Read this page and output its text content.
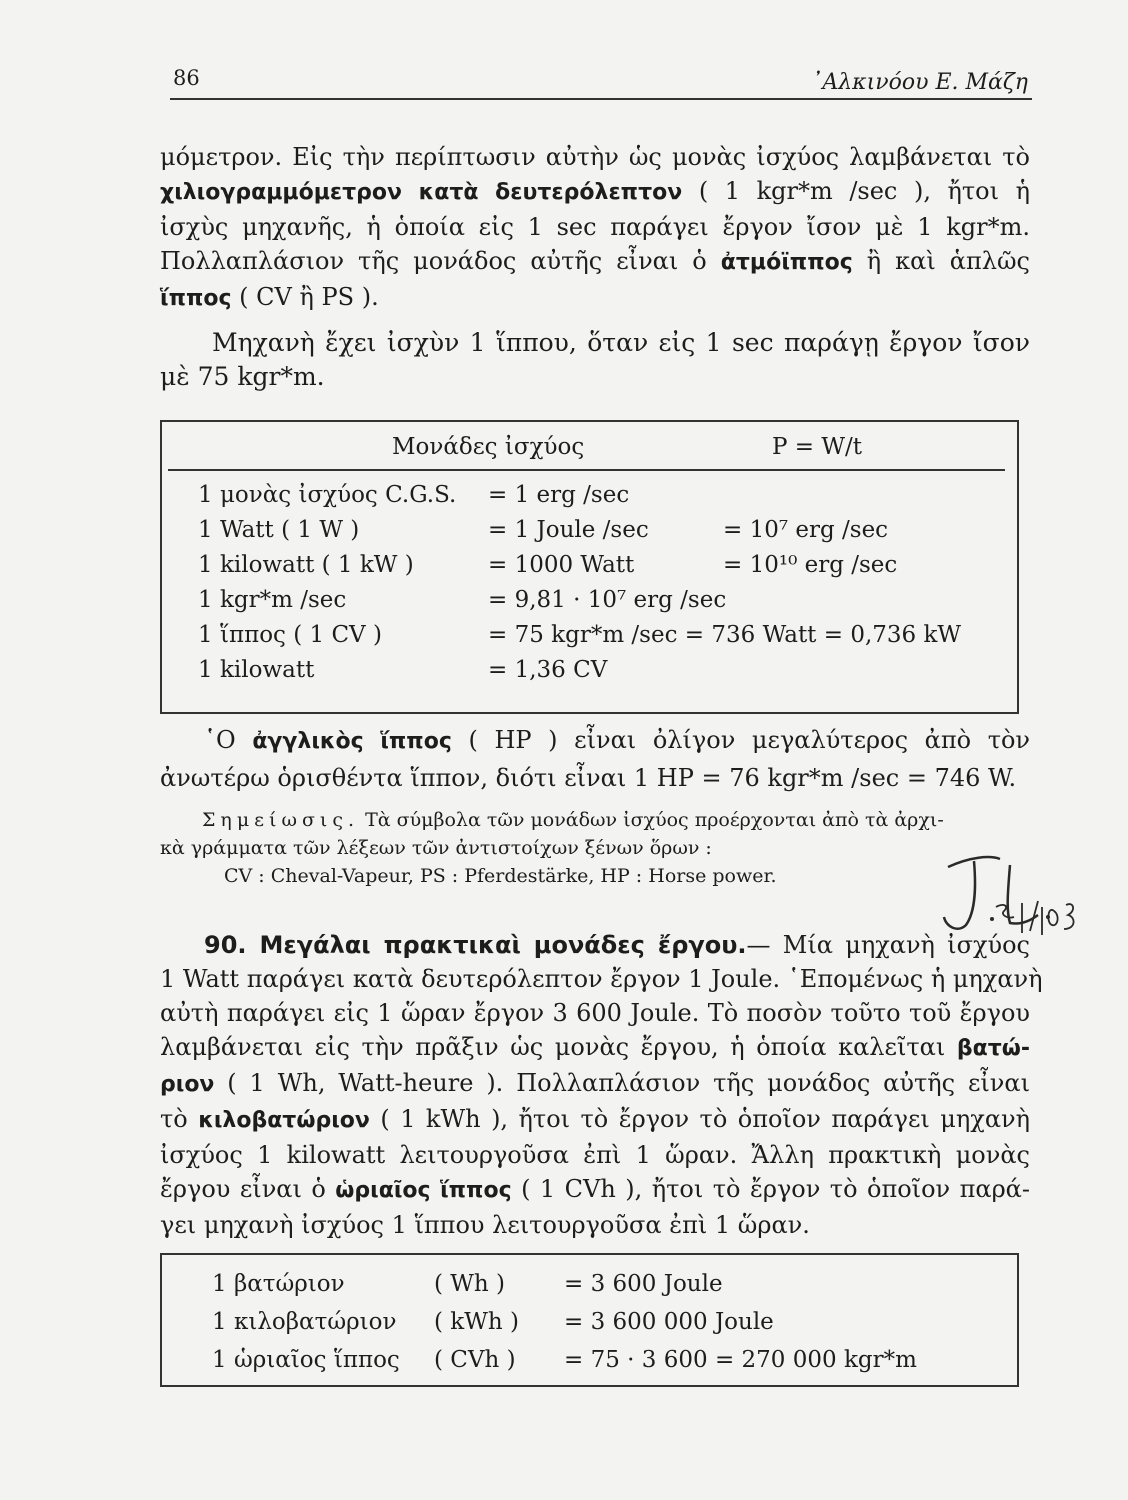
86	᾿Αλκινόου Ε. Μάζη

μόμετρον. Εἰς τὴν περίπτωσιν αὐτὴν ὡς μονὰς ἰσχύος λαμβάνεται τὸ
χιλιογραμμόμετρον κατὰ δευτερόλεπτον ( 1 kgr*m /sec ), ἤτοι ἡ
ἰσχὺς μηχανῆς, ἡ ὁποία εἰς 1 sec παράγει ἔργον ἴσον μὲ 1 kgr*m.
Πολλαπλάσιον τῆς μονάδος αὐτῆς εἶναι ὁ ἀτμόϊππος ἢ καὶ ἁπλῶς
ἵππος ( CV ἢ PS ).

Μηχανὴ ἔχει ἰσχὺν 1 ἵππου, ὅταν εἰς 1 sec παράγῃ ἔργον ἴσον
μὲ 75 kgr*m.

Μονάδες ἰσχύος	P = W/t
1 μονὰς ἰσχύος C.G.S. = 1 erg /sec
1 Watt ( 1 W )	= 1 Joule /sec	= 10⁷ erg /sec
1 kilowatt ( 1 kW )	= 1000 Watt	= 10¹⁰ erg /sec
1 kgr*m /sec	= 9,81 · 10⁷ erg /sec
1 ἵππος ( 1 CV )	= 75 kgr*m /sec = 736 Watt = 0,736 kW
1 kilowatt	= 1,36 CV

῾Ο ἀγγλικὸς ἵππος ( HP ) εἶναι ὀλίγον μεγαλύτερος ἀπὸ τὸν
ἀνωτέρω ὁρισθέντα ἵππον, διότι εἶναι 1 HP = 76 kgr*m /sec = 746 W.

Σημείωσις. Τὰ σύμβολα τῶν μονάδων ἰσχύος προέρχονται ἀπὸ τὰ ἀρχι-
κὰ γράμματα τῶν λέξεων τῶν ἀντιστοίχων ξένων ὅρων :
CV : Cheval-Vapeur, PS : Pferdestärke, HP : Horse power.

90. Μεγάλαι πρακτικαὶ μονάδες ἔργου.— Μία μηχανὴ ἰσχύος
1 Watt παράγει κατὰ δευτερόλεπτον ἔργον 1 Joule. ῾Επομένως ἡ μηχανὴ
αὐτὴ παράγει εἰς 1 ὥραν ἔργον 3 600 Joule. Τὸ ποσὸν τοῦτο τοῦ ἔργου
λαμβάνεται εἰς τὴν πρᾶξιν ὡς μονὰς ἔργου, ἡ ὁποία καλεῖται βατώ-
ριον ( 1 Wh, Watt-heure ). Πολλαπλάσιον τῆς μονάδος αὐτῆς εἶναι
τὸ κιλοβατώριον ( 1 kWh ), ἤτοι τὸ ἔργον τὸ ὁποῖον παράγει μηχανὴ
ἰσχύος 1 kilowatt λειτουργοῦσα ἐπὶ 1 ὥραν. Ἄλλη πρακτικὴ μονὰς
ἔργου εἶναι ὁ ὡριαῖος ἵππος ( 1 CVh ), ἤτοι τὸ ἔργον τὸ ὁποῖον παρά-
γει μηχανὴ ἰσχύος 1 ἵππου λειτουργοῦσα ἐπὶ 1 ὥραν.

1 βατώριον	( Wh )	= 3 600 Joule
1 κιλοβατώριον ( kWh ) = 3 600 000 Joule
1 ὡριαῖος ἵππος ( CVh ) = 75 · 3 600 = 270 000 kgr*m
